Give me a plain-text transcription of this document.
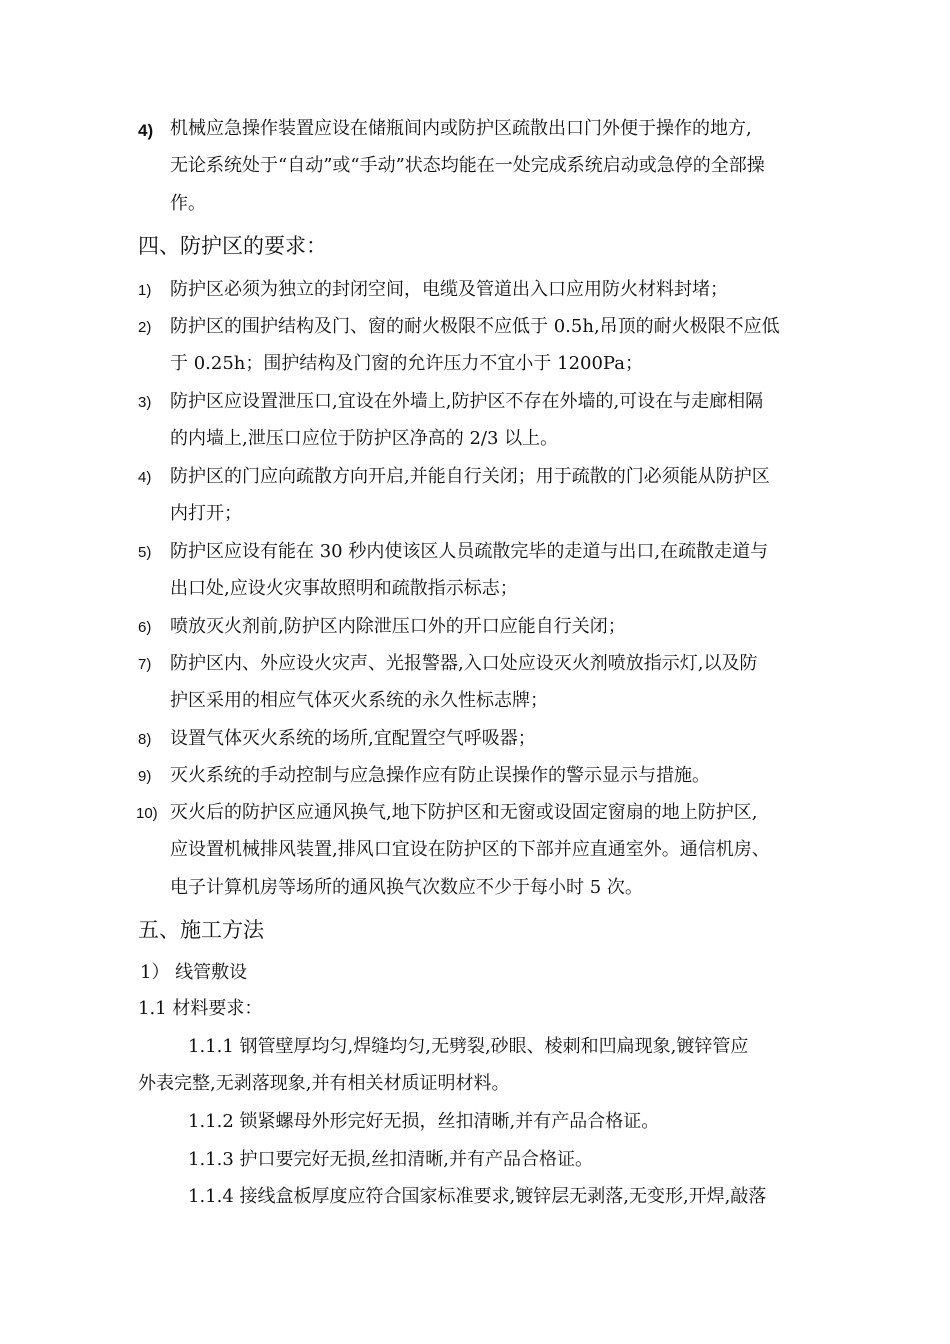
4) 机械应急操作装置应设在储瓶间内或防护区疏散出口门外便于操作的地方,
无论系统处于“自动”或“手动”状态均能在一处完成系统启动或急停的全部操
作。
四、防护区的要求：
1) 防护区必须为独立的封闭空间，电缆及管道出入口应用防火材料封堵；
2) 防护区的围护结构及门、窗的耐火极限不应低于 0.5h,吊顶的耐火极限不应低
于 0.25h；围护结构及门窗的允许压力不宜小于 1200Pa；
3) 防护区应设置泄压口,宜设在外墙上,防护区不存在外墙的,可设在与走廊相隔
的内墙上,泄压口应位于防护区净高的 2/3 以上。
4) 防护区的门应向疏散方向开启,并能自行关闭；用于疏散的门必须能从防护区
内打开；
5) 防护区应设有能在 30 秒内使该区人员疏散完毕的走道与出口,在疏散走道与
出口处,应设火灾事故照明和疏散指示标志；
6) 喷放灭火剂前,防护区内除泄压口外的开口应能自行关闭；
7) 防护区内、外应设火灾声、光报警器,入口处应设灭火剂喷放指示灯,以及防
护区采用的相应气体灭火系统的永久性标志牌；
8) 设置气体灭火系统的场所,宜配置空气呼吸器；
9) 灭火系统的手动控制与应急操作应有防止误操作的警示显示与措施。
10) 灭火后的防护区应通风换气,地下防护区和无窗或设固定窗扇的地上防护区,
应设置机械排风装置,排风口宜设在防护区的下部并应直通室外。通信机房、
电子计算机房等场所的通风换气次数应不少于每小时 5 次。
五、施工方法
1） 线管敷设
1.1 材料要求：
1.1.1 钢管壁厚均匀,焊缝均匀,无劈裂,砂眼、棱刺和凹扁现象,镀锌管应
外表完整,无剥落现象,并有相关材质证明材料。
1.1.2 锁紧螺母外形完好无损，丝扣清晰,并有产品合格证。
1.1.3 护口要完好无损,丝扣清晰,并有产品合格证。
1.1.4 接线盒板厚度应符合国家标准要求,镀锌层无剥落,无变形,开焊,敲落
